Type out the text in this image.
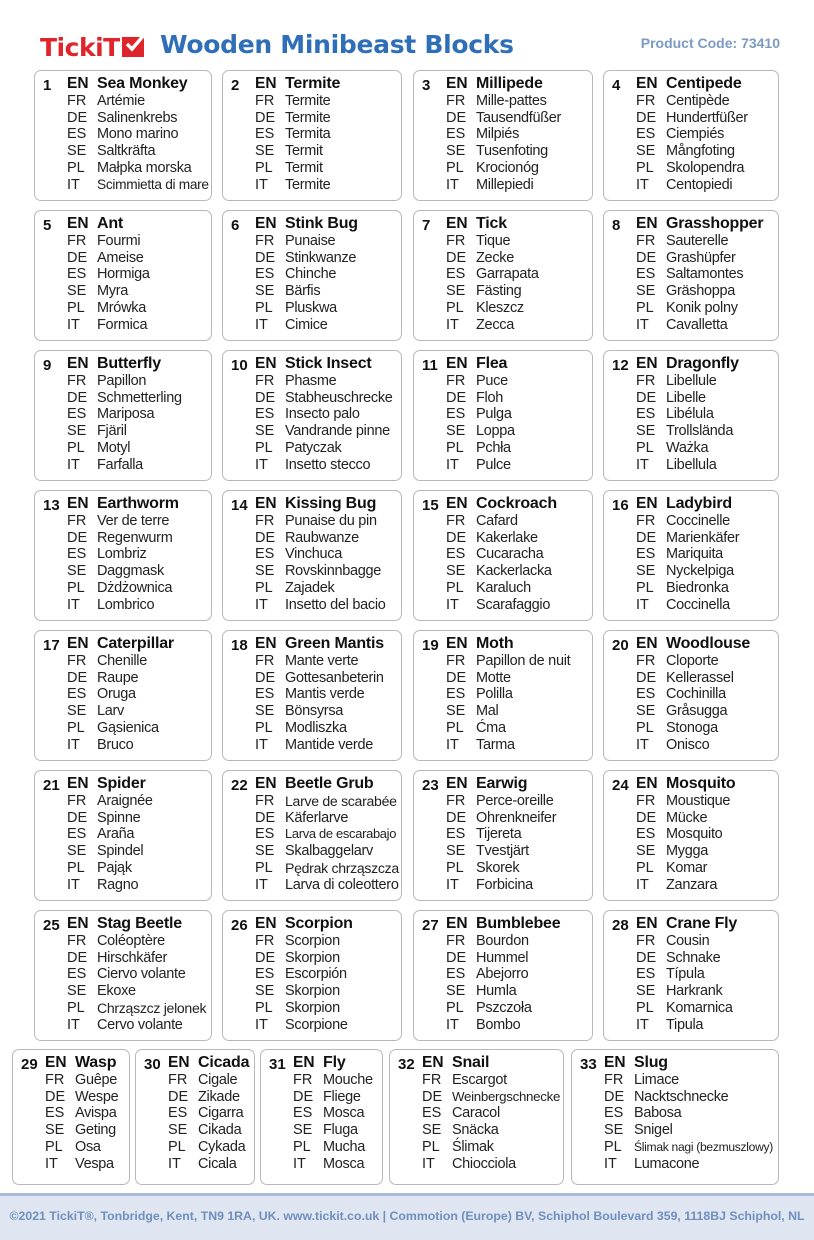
TickiT Wooden Minibeast Blocks	Product Code: 73410
1 EN Sea Monkey
FR Artémie
DE Salinenkrebs
ES Mono marino
SE Saltkräfta
PL Małpka morska
IT	Scimmietta di mare
2 EN Termite
FR Termite
DE Termite
ES Termita
SE Termit
PL Termit
IT	Termite
3 EN Millipede
FR Mille-pattes
DE Tausendfüßer
ES Milpiés
SE Tusenfoting
PL Krocionóg
IT	Millepiedi
4 EN Centipede
FR Centipède
DE Hundertfüßer
ES Ciempiés
SE Mångfoting
PL Skolopendra
IT	Centopiedi
5 EN Ant
FR Fourmi
DE Ameise
ES Hormiga
SE Myra
PL Mrówka
IT	Formica
6 EN Stink Bug
FR Punaise
DE Stinkwanze
ES Chinche
SE Bärfis
PL Pluskwa
IT	Cimice
7 EN Tick
FR Tique
DE Zecke
ES Garrapata
SE Fästing
PL Kleszcz
IT	Zecca
8 EN Grasshopper
FR Sauterelle
DE Grashüpfer
ES Saltamontes
SE Gräshoppa
PL Konik polny
IT	Cavalletta
9 EN Butterfly
FR Papillon
DE Schmetterling
ES Mariposa
SE Fjäril
PL Motyl
IT	Farfalla
10 EN Stick Insect
FR Phasme
DE Stabheuschrecke
ES Insecto palo
SE Vandrande pinne
PL Patyczak
IT	Insetto stecco
11 EN Flea
FR Puce
DE Floh
ES Pulga
SE Loppa
PL Pchła
IT	Pulce
12 EN Dragonfly
FR Libellule
DE Libelle
ES Libélula
SE Trollslända
PL Ważka
IT	Libellula
13 EN Earthworm
FR Ver de terre
DE Regenwurm
ES Lombriz
SE Daggmask
PL Dżdżownica
IT	Lombrico
14 EN Kissing Bug
FR Punaise du pin
DE Raubwanze
ES Vinchuca
SE Rovskinnbagge
PL Zajadek
IT	Insetto del bacio
15 EN Cockroach
FR Cafard
DE Kakerlake
ES Cucaracha
SE Kackerlacka
PL Karaluch
IT	Scarafaggio
16 EN Ladybird
FR Coccinelle
DE Marienkäfer
ES Mariquita
SE Nyckelpiga
PL Biedronka
IT	Coccinella
17 EN Caterpillar
FR Chenille
DE Raupe
ES Oruga
SE Larv
PL Gąsienica
IT	Bruco
18 EN Green Mantis
FR Mante verte
DE Gottesanbeterin
ES Mantis verde
SE Bönsyrsa
PL Modliszka
IT	Mantide verde
19 EN Moth
FR Papillon de nuit
DE Motte
ES Polilla
SE Mal
PL Ćma
IT	Tarma
20 EN Woodlouse
FR Cloporte
DE Kellerassel
ES Cochinilla
SE Gråsugga
PL Stonoga
IT	Onisco
21 EN Spider
FR Araignée
DE Spinne
ES Araña
SE Spindel
PL Pająk
IT	Ragno
22 EN Beetle Grub
FR Larve de scarabée
DE Käferlarve
ES Larva de escarabajo
SE Skalbaggelarv
PL Pędrak chrząszcza
IT	Larva di coleottero
23 EN Earwig
FR Perce-oreille
DE Ohrenkneifer
ES Tijereta
SE Tvestjärt
PL Skorek
IT	Forbicina
24 EN Mosquito
FR Moustique
DE Mücke
ES Mosquito
SE Mygga
PL Komar
IT	Zanzara
25 EN Stag Beetle
FR Coléoptère
DE Hirschkäfer
ES Ciervo volante
SE Ekoxe
PL Chrząszcz jelonek
IT	Cervo volante
26 EN Scorpion
FR Scorpion
DE Skorpion
ES Escorpión
SE Skorpion
PL Skorpion
IT	Scorpione
27 EN Bumblebee
FR Bourdon
DE Hummel
ES Abejorro
SE Humla
PL Pszczoła
IT	Bombo
28 EN Crane Fly
FR Cousin
DE Schnake
ES Típula
SE Harkrank
PL Komarnica
IT	Tipula
29 EN Wasp
FR Guêpe
DE Wespe
ES Avispa
SE Geting
PL Osa
IT	Vespa
30 EN Cicada
FR Cigale
DE Zikade
ES Cigarra
SE Cikada
PL Cykada
IT	Cicala
31 EN Fly
FR Mouche
DE Fliege
ES Mosca
SE Fluga
PL Mucha
IT	Mosca
32 EN Snail
FR Escargot
DE Weinbergschnecke
ES Caracol
SE Snäcka
PL Ślimak
IT	Chiocciola
33 EN Slug
FR Limace
DE Nacktschnecke
ES Babosa
SE Snigel
PL	Ślimak nagi (bezmuszlowy)
IT	Lumacone
©2021 TickiT®, Tonbridge, Kent, TN9 1RA, UK. www.tickit.co.uk | Commotion (Europe) BV, Schiphol Boulevard 359, 1118BJ Schiphol, NL
